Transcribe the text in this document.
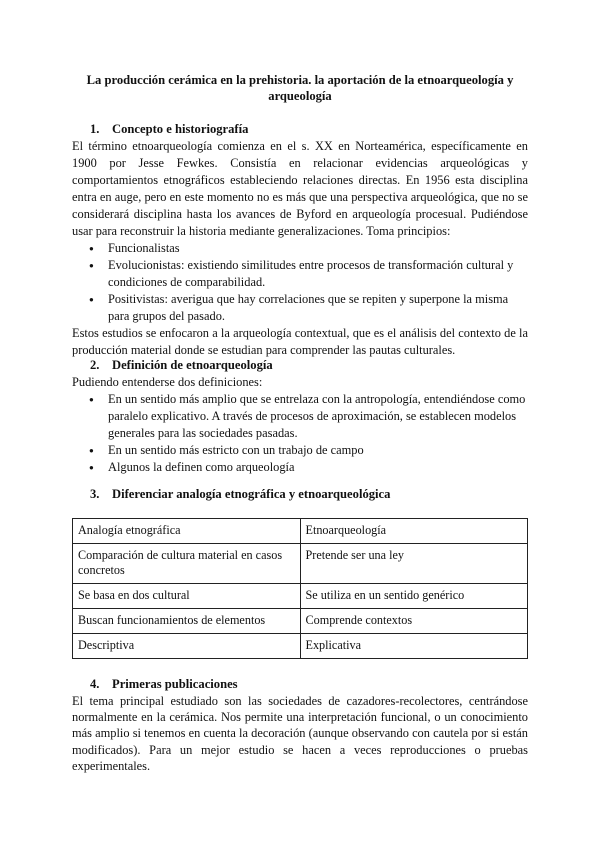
La producción cerámica en la prehistoria. la aportación de la etnoarqueología y arqueología
1. Concepto e historiografía

El término etnoarqueología comienza en el s. XX en Norteamérica, específicamente en 1900 por Jesse Fewkes. Consistía en relacionar evidencias arqueológicas y comportamientos etnográficos estableciendo relaciones directas. En 1956 esta disciplina entra en auge, pero en este momento no es más que una perspectiva arqueológica, que no se considerará disciplina hasta los avances de Byford en arqueología procesual. Pudiéndose usar para reconstruir la historia mediante generalizaciones. Toma principios:

● Funcionalistas
● Evolucionistas: existiendo similitudes entre procesos de transformación cultural y condiciones de comparabilidad.
● Positivistas: averigua que hay correlaciones que se repiten y superpone la misma para grupos del pasado.

Estos estudios se enfocaron a la arqueología contextual, que es el análisis del contexto de la producción material donde se estudian para comprender las pautas culturales.

2. Definición de etnoarqueología

Pudiendo entenderse dos definiciones:

● En un sentido más amplio que se entrelaza con la antropología, entendiéndose como paralelo explicativo. A través de procesos de aproximación, se establecen modelos generales para las sociedades pasadas.
● En un sentido más estricto con un trabajo de campo
● Algunos la definen como arqueología
3. Diferenciar analogía etnográfica y etnoarqueológica
Analogía etnográfica	Etnoarqueología
Comparación de cultura material en casos concretos	Pretende ser una ley
Se basa en dos cultural	Se utiliza en un sentido genérico
Buscan funcionamientos de elementos	Comprende contextos
Descriptiva	Explicativa
4. Primeras publicaciones

El tema principal estudiado son las sociedades de cazadores-recolectores, centrándose normalmente en la cerámica. Nos permite una interpretación funcional, o un conocimiento más amplio si tenemos en cuenta la decoración (aunque observando con cautela por si están modificados). Para un mejor estudio se hacen a veces reproducciones o pruebas experimentales.
